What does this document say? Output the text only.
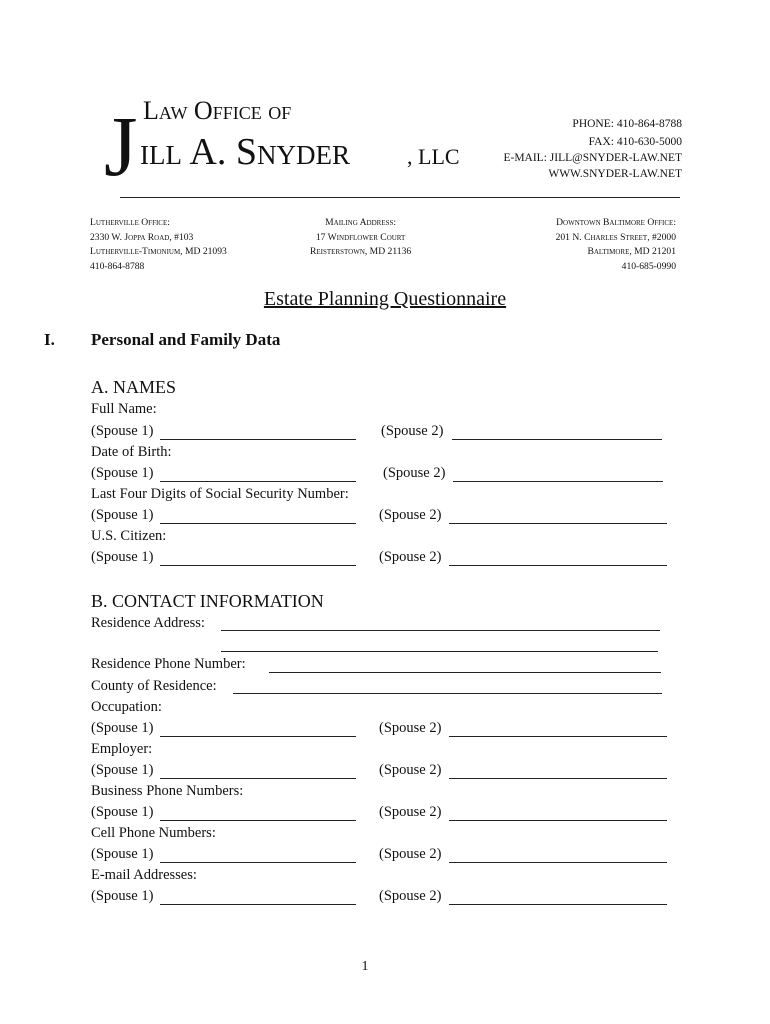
J Law Office of
ill A. Snyder	, LLC
PHONE: 410-864-8788
FAX: 410-630-5000
E-MAIL: JILL@SNYDER-LAW.NET
WWW.SNYDER-LAW.NET
Lutherville Office:
2330 W. Joppa Road, #103
Lutherville-Timonium, MD 21093
410-864-8788
Mailing Address:
17 Windflower Court
Reisterstown, MD 21136
Downtown Baltimore Office:
201 N. Charles Street, #2000
Baltimore, MD 21201
410-685-0990
Estate Planning Questionnaire
I. Personal and Family Data
A. NAMES
Full Name:
(Spouse 1)	(Spouse 2)
Date of Birth:
(Spouse 1)	(Spouse 2)
Last Four Digits of Social Security Number:
(Spouse 1)	(Spouse 2)
U.S. Citizen:
(Spouse 1)	(Spouse 2)
B. CONTACT INFORMATION
Residence Address:
Residence Phone Number:
County of Residence:
Occupation:
(Spouse 1)	(Spouse 2)
Employer:
(Spouse 1)	(Spouse 2)
Business Phone Numbers:
(Spouse 1)	(Spouse 2)
Cell Phone Numbers:
(Spouse 1)	(Spouse 2)
E-mail Addresses:
(Spouse 1)	(Spouse 2)
1
